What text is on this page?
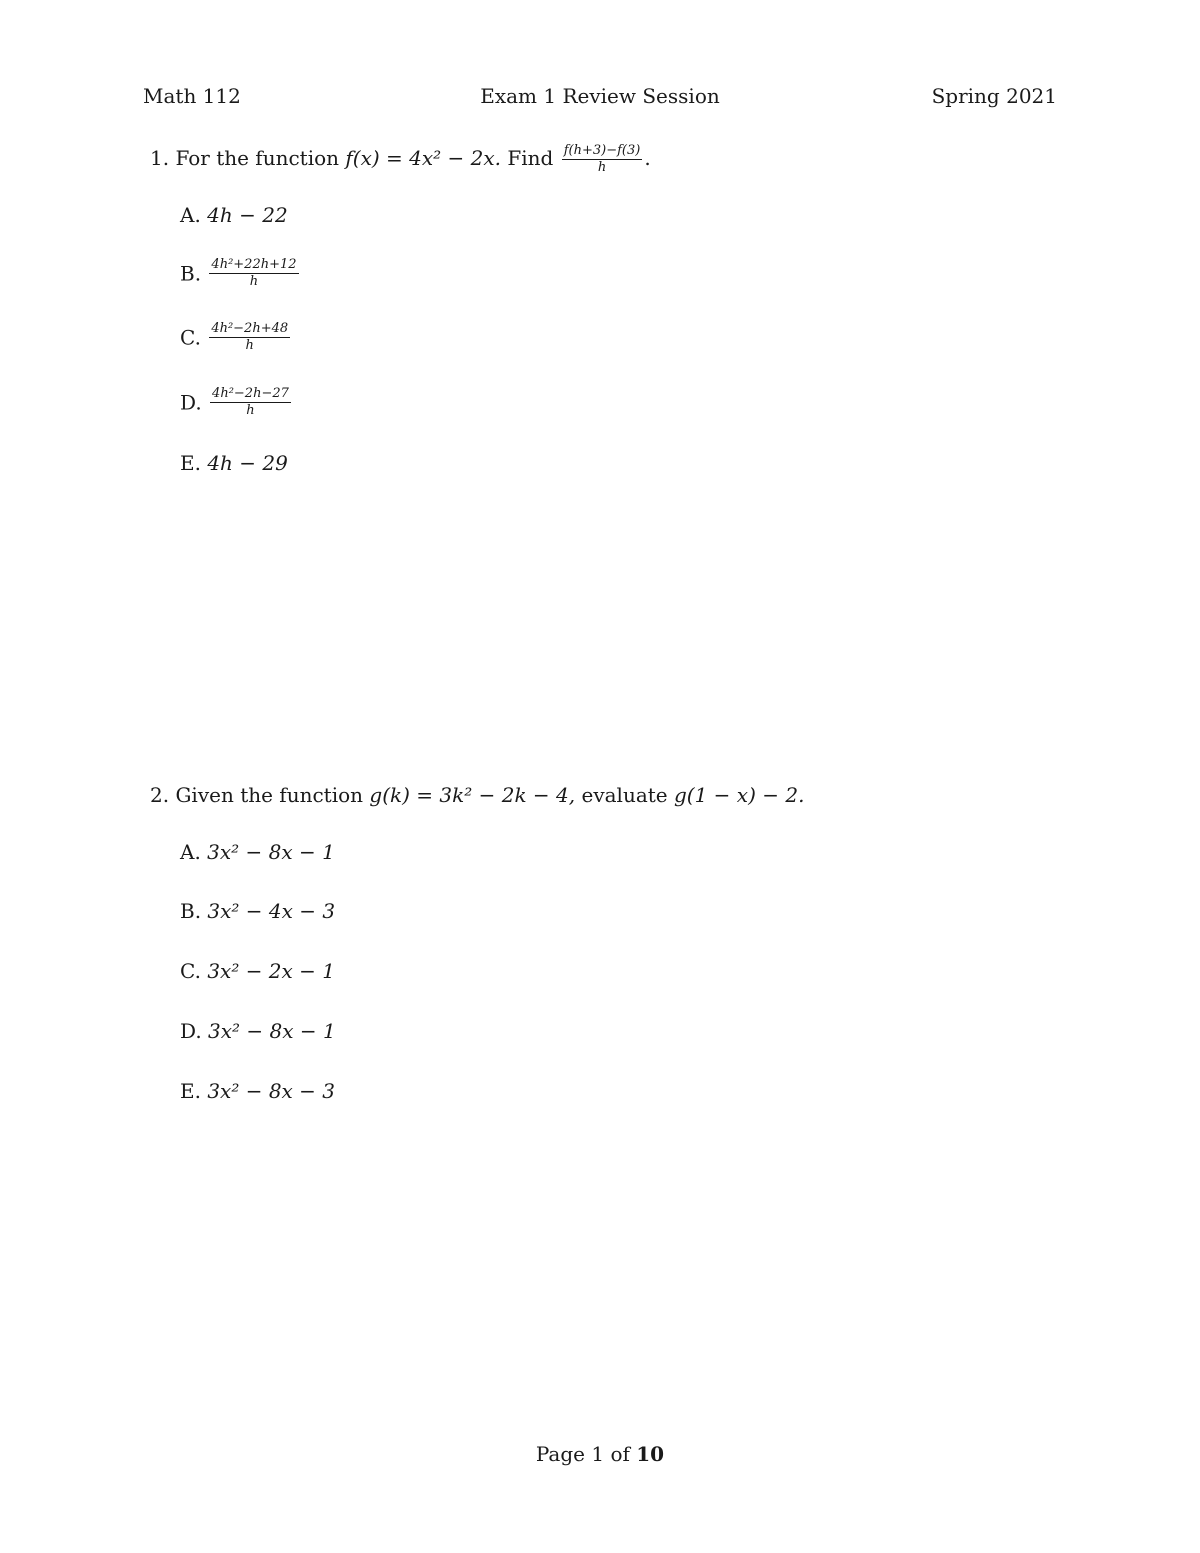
Math 112	Exam 1 Review Session	Spring 2021
1. For the function f(x) = 4x² − 2x. Find $\frac{f(h+3)-f(3)}{h}$ .
A. 4h − 22
B. $\frac{\text{4h²+22h+12}}{h}$
C. $\frac{\text{4h²−2h+48}}{h}$
D. $\frac{\text{4h²−2h−27}}{h}$
E. 4h − 29
2. Given the function g(k) = 3k² − 2k − 4, evaluate g(1 − x) − 2.
A. 3x² − 8x − 1
B. 3x² − 4x − 3
C. 3x² − 2x − 1
D. 3x² − 8x − 1
E. 3x² − 8x − 3
Page 1 of 10
